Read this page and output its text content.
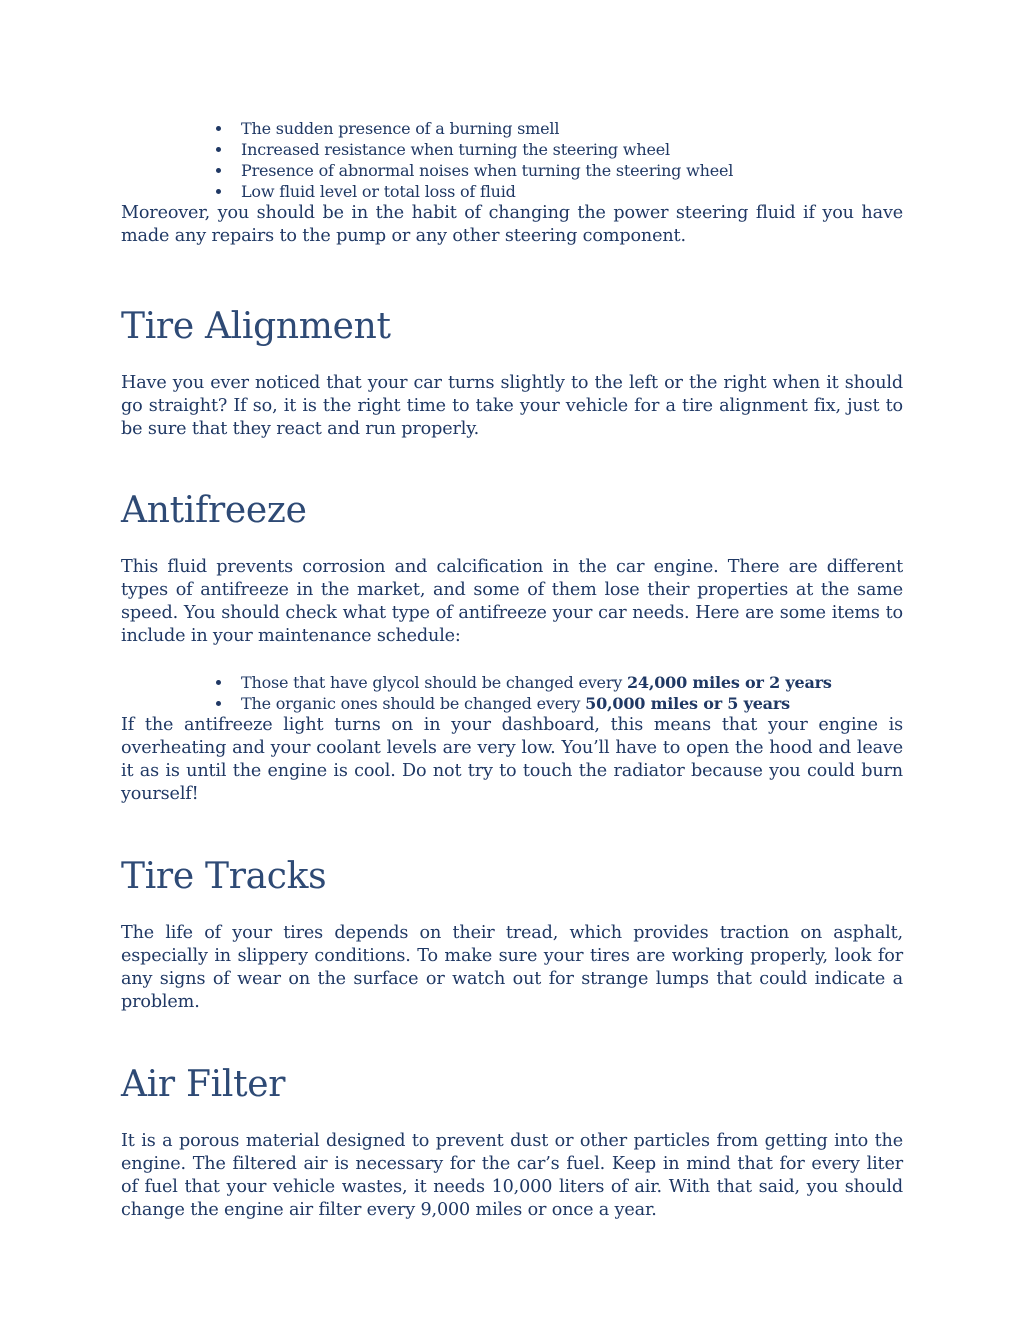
The sudden presence of a burning smell
Increased resistance when turning the steering wheel
Presence of abnormal noises when turning the steering wheel
Low fluid level or total loss of fluid

Moreover, you should be in the habit of changing the power steering fluid if you have made any repairs to the pump or any other steering component.

Tire Alignment

Have you ever noticed that your car turns slightly to the left or the right when it should go straight? If so, it is the right time to take your vehicle for a tire alignment fix, just to be sure that they react and run properly.

Antifreeze

This fluid prevents corrosion and calcification in the car engine. There are different types of antifreeze in the market, and some of them lose their properties at the same speed. You should check what type of antifreeze your car needs. Here are some items to include in your maintenance schedule:

Those that have glycol should be changed every 24,000 miles or 2 years
The organic ones should be changed every 50,000 miles or 5 years

If the antifreeze light turns on in your dashboard, this means that your engine is overheating and your coolant levels are very low. You’ll have to open the hood and leave it as is until the engine is cool. Do not try to touch the radiator because you could burn yourself!

Tire Tracks

The life of your tires depends on their tread, which provides traction on asphalt, especially in slippery conditions. To make sure your tires are working properly, look for any signs of wear on the surface or watch out for strange lumps that could indicate a problem.

Air Filter

It is a porous material designed to prevent dust or other particles from getting into the engine. The filtered air is necessary for the car’s fuel. Keep in mind that for every liter of fuel that your vehicle wastes, it needs 10,000 liters of air. With that said, you should change the engine air filter every 9,000 miles or once a year.
